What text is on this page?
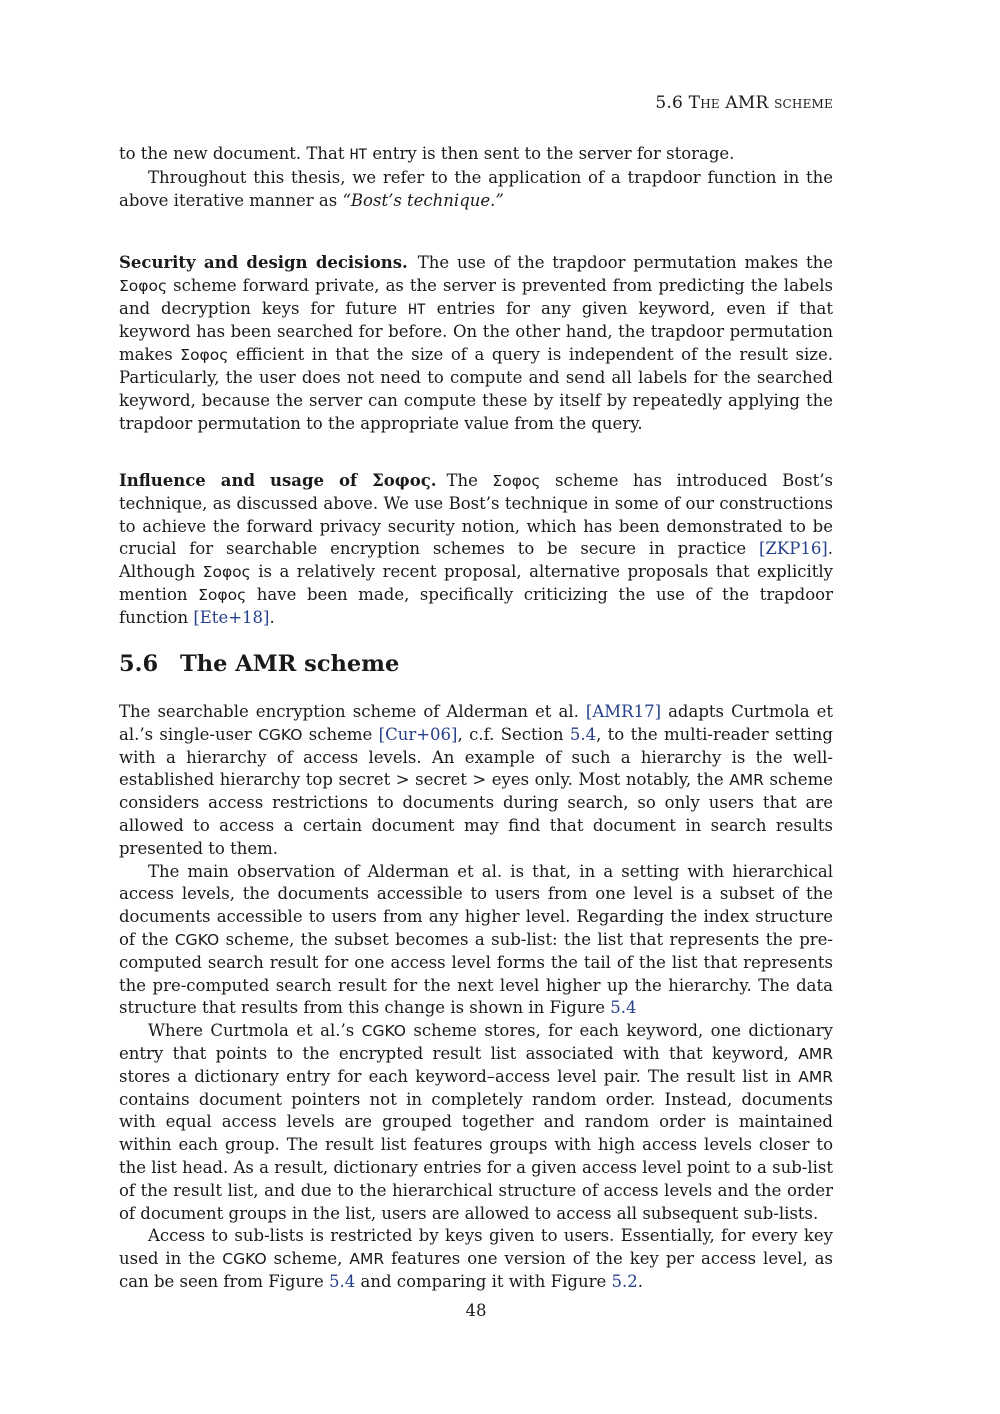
5.6 The AMR scheme

to the new document. That HT entry is then sent to the server for storage.

Throughout this thesis, we refer to the application of a trapdoor function in the above iterative manner as “Bost’s technique.”

Security and design decisions. The use of the trapdoor permutation makes the Σoφoς scheme forward private, as the server is prevented from predicting the labels and decryption keys for future HT entries for any given keyword, even if that keyword has been searched for before. On the other hand, the trapdoor permutation makes Σoφoς efficient in that the size of a query is independent of the result size. Particularly, the user does not need to compute and send all labels for the searched keyword, because the server can compute these by itself by repeatedly applying the trapdoor permutation to the appropriate value from the query.

Influence and usage of Σoφoς. The Σoφoς scheme has introduced Bost’s technique, as discussed above. We use Bost’s technique in some of our constructions to achieve the forward privacy security notion, which has been demonstrated to be crucial for searchable encryption schemes to be secure in practice [ZKP16]. Although Σoφoς is a relatively recent proposal, alternative proposals that explicitly mention Σoφoς have been made, specifically criticizing the use of the trapdoor function [Ete+18].

5.6 The AMR scheme

The searchable encryption scheme of Alderman et al. [AMR17] adapts Curtmola et al.’s single-user CGKO scheme [Cur+06], c.f. Section 5.4, to the multi-reader setting with a hierarchy of access levels. An example of such a hierarchy is the well-established hierarchy top secret > secret > eyes only. Most notably, the AMR scheme considers access restrictions to documents during search, so only users that are allowed to access a certain document may find that document in search results presented to them.

The main observation of Alderman et al. is that, in a setting with hierarchical access levels, the documents accessible to users from one level is a subset of the documents accessible to users from any higher level. Regarding the index structure of the CGKO scheme, the subset becomes a sub-list: the list that represents the pre-computed search result for one access level forms the tail of the list that represents the pre-computed search result for the next level higher up the hierarchy. The data structure that results from this change is shown in Figure 5.4

Where Curtmola et al.’s CGKO scheme stores, for each keyword, one dictionary entry that points to the encrypted result list associated with that keyword, AMR stores a dictionary entry for each keyword–access level pair. The result list in AMR contains document pointers not in completely random order. Instead, documents with equal access levels are grouped together and random order is maintained within each group. The result list features groups with high access levels closer to the list head. As a result, dictionary entries for a given access level point to a sub-list of the result list, and due to the hierarchical structure of access levels and the order of document groups in the list, users are allowed to access all subsequent sub-lists.

Access to sub-lists is restricted by keys given to users. Essentially, for every key used in the CGKO scheme, AMR features one version of the key per access level, as can be seen from Figure 5.4 and comparing it with Figure 5.2.

48
